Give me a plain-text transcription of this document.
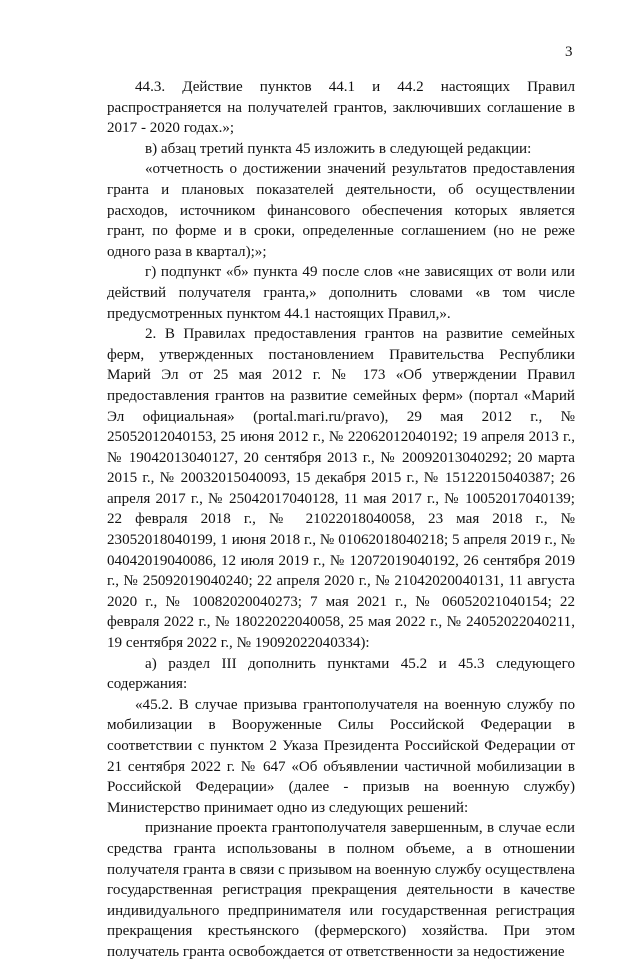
3

44.3. Действие пунктов 44.1 и 44.2 настоящих Правил распространяется на получателей грантов, заключивших соглашение в 2017 - 2020 годах.»;

в) абзац третий пункта 45 изложить в следующей редакции:

«отчетность о достижении значений результатов предоставления гранта и плановых показателей деятельности, об осуществлении расходов, источником финансового обеспечения которых является грант, по форме и в сроки, определенные соглашением (но не реже одного раза в квартал);»;

г) подпункт «б» пункта 49 после слов «не зависящих от воли или действий получателя гранта,» дополнить словами «в том числе предусмотренных пунктом 44.1 настоящих Правил,».

2. В Правилах предоставления грантов на развитие семейных ферм, утвержденных постановлением Правительства Республики Марий Эл от 25 мая 2012 г. № 173 «Об утверждении Правил предоставления грантов на развитие семейных ферм» (портал «Марий Эл официальная» (portal.mari.ru/pravo), 29 мая 2012 г., № 25052012040153, 25 июня 2012 г., № 22062012040192; 19 апреля 2013 г., № 19042013040127, 20 сентября 2013 г., № 20092013040292; 20 марта 2015 г., № 20032015040093, 15 декабря 2015 г., № 15122015040387; 26 апреля 2017 г., № 25042017040128, 11 мая 2017 г., № 10052017040139; 22 февраля 2018 г., № 21022018040058, 23 мая 2018 г., № 23052018040199, 1 июня 2018 г., № 01062018040218; 5 апреля 2019 г., № 04042019040086, 12 июля 2019 г., № 12072019040192, 26 сентября 2019 г., № 25092019040240; 22 апреля 2020 г., № 21042020040131, 11 августа 2020 г., № 10082020040273; 7 мая 2021 г., № 06052021040154; 22 февраля 2022 г., № 18022022040058, 25 мая 2022 г., № 24052022040211, 19 сентября 2022 г., № 19092022040334):

а) раздел III дополнить пунктами 45.2 и 45.3 следующего содержания:

«45.2. В случае призыва грантополучателя на военную службу по мобилизации в Вооруженные Силы Российской Федерации в соответствии с пунктом 2 Указа Президента Российской Федерации от 21 сентября 2022 г. № 647 «Об объявлении частичной мобилизации в Российской Федерации» (далее - призыв на военную службу) Министерство принимает одно из следующих решений:

признание проекта грантополучателя завершенным, в случае если средства гранта использованы в полном объеме, а в отношении получателя гранта в связи с призывом на военную службу осуществлена государственная регистрация прекращения деятельности в качестве индивидуального предпринимателя или государственная регистрация прекращения крестьянского (фермерского) хозяйства. При этом получатель гранта освобождается от ответственности за недостижение
